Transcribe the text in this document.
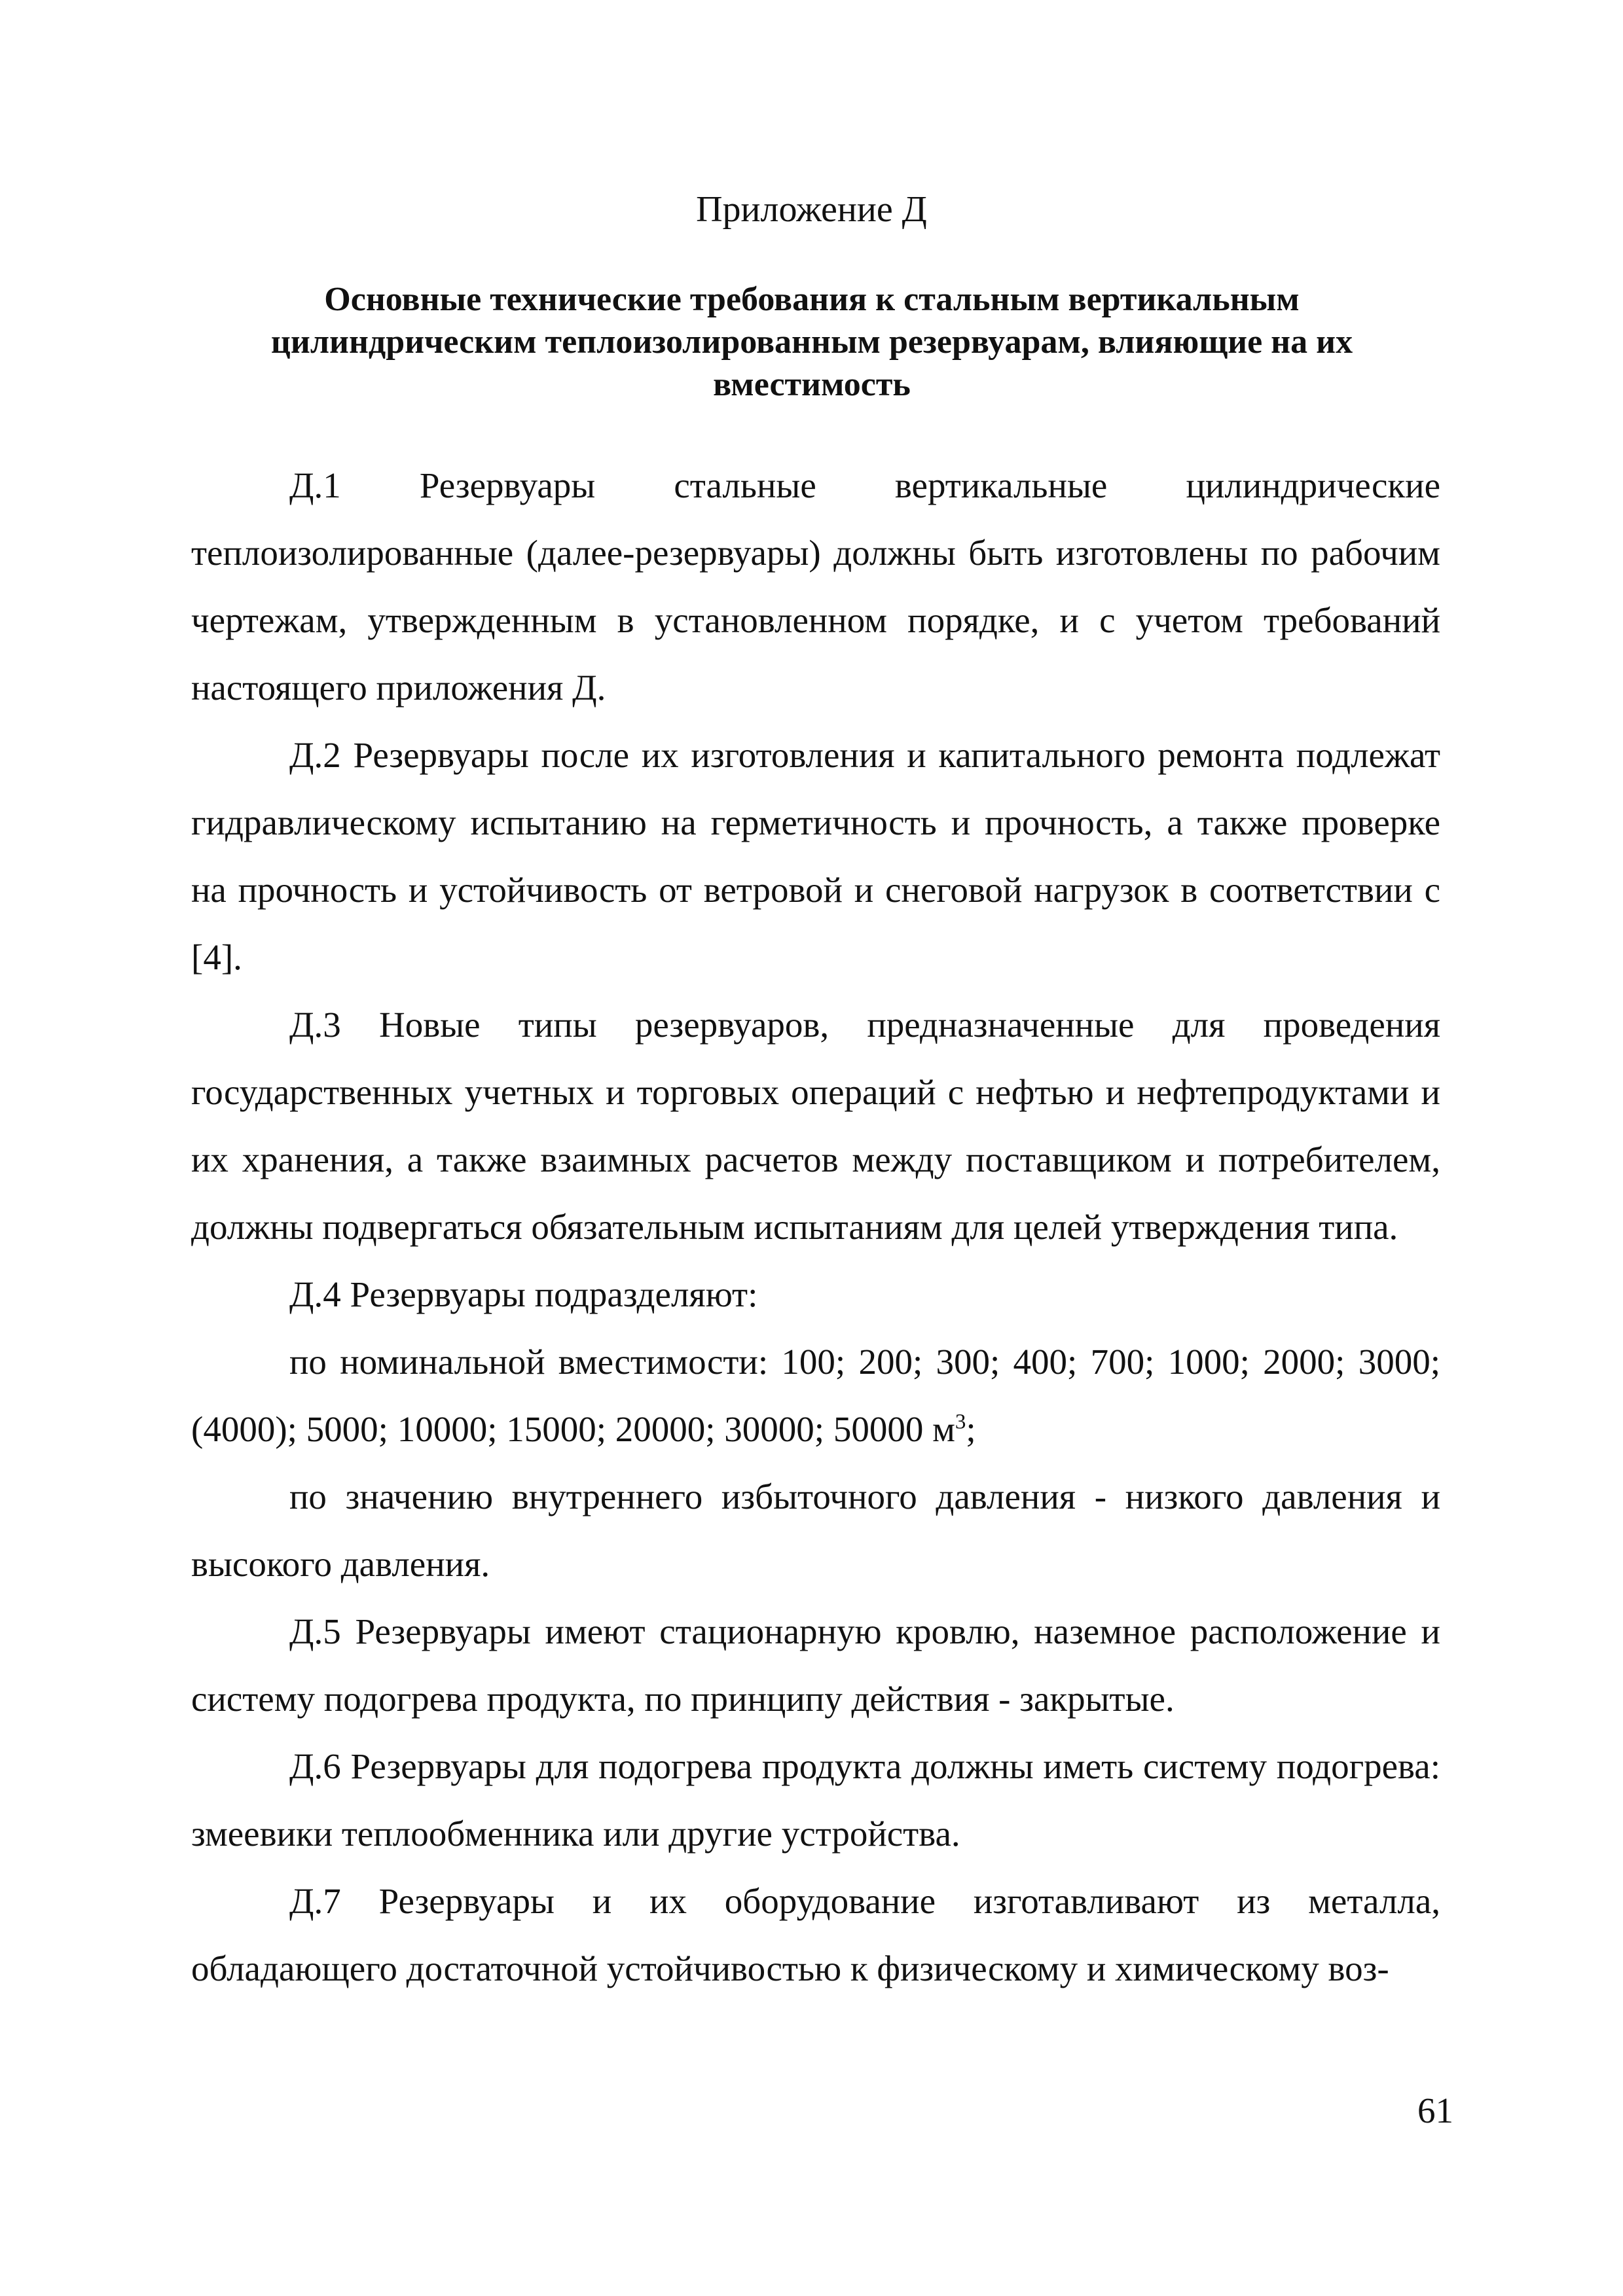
Приложение Д
Основные технические требования к стальным вертикальным цилиндрическим теплоизолированным резервуарам, влияющие на их вместимость

Д.1 Резервуары стальные вертикальные цилиндрические теплоизолированные (далее-резервуары) должны быть изготовлены по рабочим чертежам, утвержденным в установленном порядке, и с учетом требований настоящего приложения Д.

Д.2 Резервуары после их изготовления и капитального ремонта подлежат гидравлическому испытанию на герметичность и прочность, а также проверке на прочность и устойчивость от ветровой и снеговой нагрузок в соответствии с [4].

Д.3 Новые типы резервуаров, предназначенные для проведения государственных учетных и торговых операций с нефтью и нефтепродуктами и их хранения, а также взаимных расчетов между поставщиком и потребителем, должны подвергаться обязательным испытаниям для целей утверждения типа.

Д.4 Резервуары подразделяют:

по номинальной вместимости: 100; 200; 300; 400; 700; 1000; 2000; 3000;(4000); 5000; 10000; 15000; 20000; 30000; 50000 $м^3$;

по значению внутреннего избыточного давления - низкого давления и высокого давления.

Д.5 Резервуары имеют стационарную кровлю, наземное расположение и систему подогрева продукта, по принципу действия - закрытые.

Д.6 Резервуары для подогрева продукта должны иметь систему подогрева: змеевики теплообменника или другие устройства.

Д.7 Резервуары и их оборудование изготавливают из металла, обладающего достаточной устойчивостью к физическому и химическому воз-

61
